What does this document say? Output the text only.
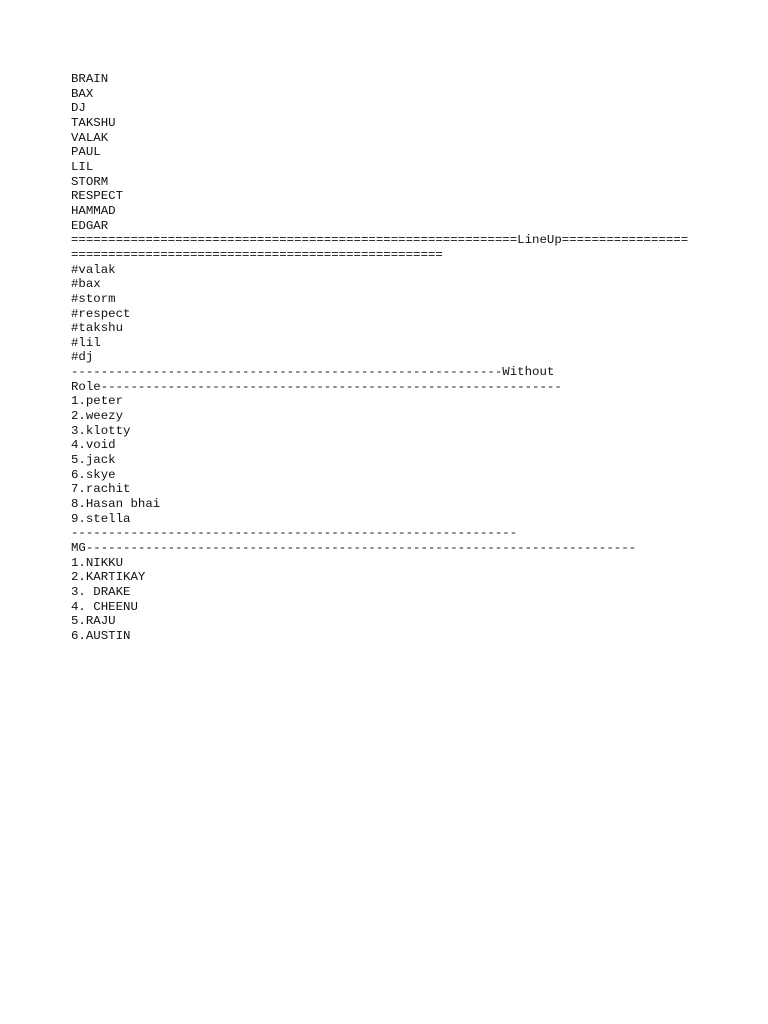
BRAIN
BAX
DJ
TAKSHU
VALAK
PAUL
LIL
STORM
RESPECT
HAMMAD
EDGAR
============================================================LineUp=================
==================================================
#valak
#bax
#storm
#respect
#takshu
#lil
#dj
----------------------------------------------------------Without
Role--------------------------------------------------------------
1.peter
2.weezy
3.klotty
4.void
5.jack
6.skye
7.rachit
8.Hasan bhai
9.stella
------------------------------------------------------------
MG--------------------------------------------------------------------------
1.NIKKU
2.KARTIKAY
3. DRAKE
4. CHEENU
5.RAJU
6.AUSTIN
